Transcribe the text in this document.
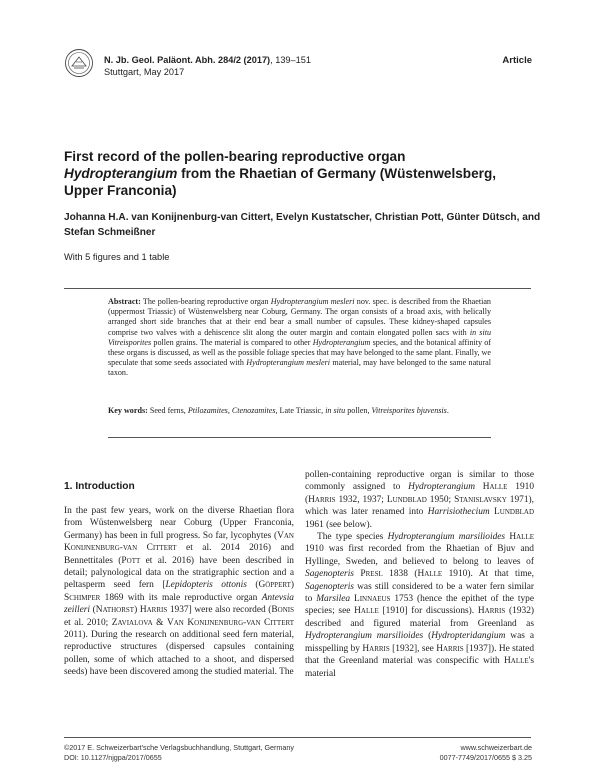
N. Jb. Geol. Paläont. Abh. 284/2 (2017), 139–151
Stuttgart, May 2017
Article
First record of the pollen-bearing reproductive organ
Hydropterangium from the Rhaetian of Germany (Wüstenwelsberg, Upper Franconia)
Johanna H.A. van Konijnenburg-van Cittert, Evelyn Kustatscher, Christian Pott, Günter Dütsch, and Stefan Schmeißner
With 5 figures and 1 table
Abstract: The pollen-bearing reproductive organ Hydropterangium mesleri nov. spec. is described from the Rhaetian (uppermost Triassic) of Wüstenwelsberg near Coburg, Germany. The organ consists of a broad axis, with helically arranged short side branches that at their end bear a small number of capsules. These kidney-shaped capsules comprise two valves with a dehiscence slit along the outer margin and contain elongated pollen sacs with in situ Vitreisporites pollen grains. The material is compared to other Hydropterangium species, and the botanical affinity of these organs is discussed, as well as the possible foliage species that may have belonged to the same plant. Finally, we speculate that some seeds associated with Hydropterangium mesleri material, may have belonged to the same natural taxon.
Key words: Seed ferns, Ptilozamites, Ctenozamites, Late Triassic, in situ pollen, Vitreisporites bjuvensis.
1. Introduction
In the past few years, work on the diverse Rhaetian flora from Wüstenwelsberg near Coburg (Upper Franconia, Germany) has been in full progress. So far, lycophytes (Van Konijnenburg-van Cittert et al. 2014 2016) and Bennettitales (Pott et al. 2016) have been described in detail; palynological data on the stratigraphic section and a peltasperm seed fern [Lepidopteris ottonis (Göppert) Schimper 1869 with its male reproductive organ Antevsia zeilleri (Nathorst) Harris 1937] were also recorded (Bonis et al. 2010; Zavialova & Van Konijnenburg-van Cittert 2011). During the research on additional seed fern material, reproductive structures (dispersed capsules containing pollen, some of which attached to a shoot, and dispersed seeds) have been discovered among the studied material. The
pollen-containing reproductive organ is similar to those commonly assigned to Hydropterangium Halle 1910 (Harris 1932, 1937; Lundblad 1950; Stanislavsky 1971), which was later renamed into Harrisiothecium Lundblad 1961 (see below).
The type species Hydropterangium marsilioides Halle 1910 was first recorded from the Rhaetian of Bjuv and Hyllinge, Sweden, and believed to belong to leaves of Sagenopteris Presl 1838 (Halle 1910). At that time, Sagenopteris was still considered to be a water fern similar to Marsilea Linnaeus 1753 (hence the epithet of the type species; see Halle [1910] for discussions). Harris (1932) described and figured material from Greenland as Hydropterangium marsilioides (Hydropteridangium was a misspelling by Harris [1932], see Harris [1937]). He stated that the Greenland material was conspecific with Halle's material
©2017 E. Schweizerbart'sche Verlagsbuchhandlung, Stuttgart, Germany
DOI: 10.1127/njgpa/2017/0655
www.schweizerbart.de
0077-7749/2017/0655 $ 3.25
